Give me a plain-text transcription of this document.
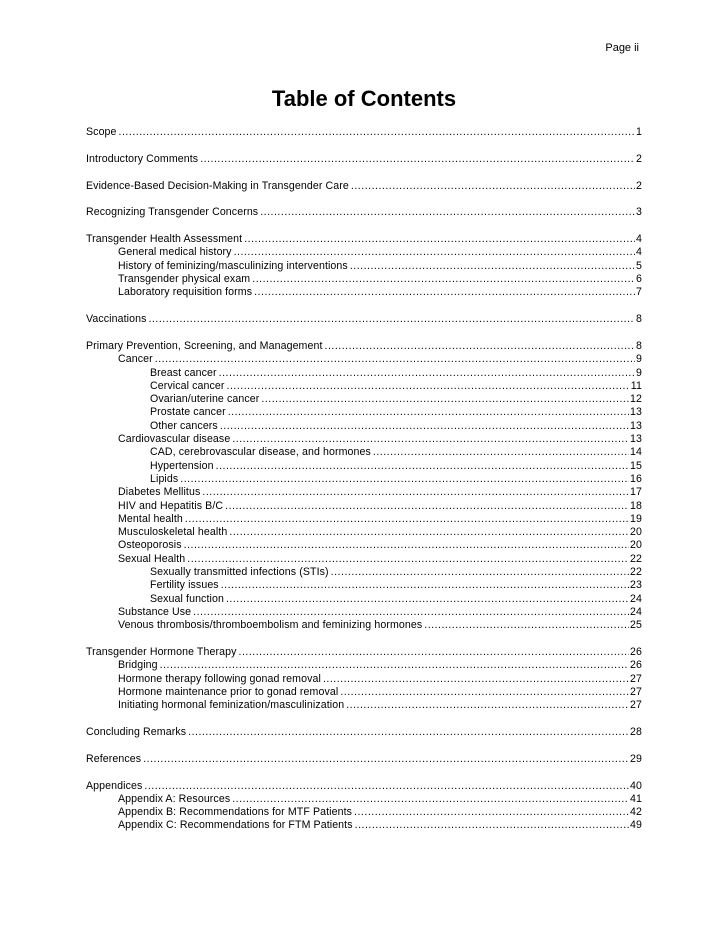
Page ii
Table of Contents
Scope .....	1
Introductory Comments .....	2
Evidence-Based Decision-Making in Transgender Care .....	2
Recognizing Transgender Concerns .....	3
Transgender Health Assessment .....	4
General medical history .....	4
History of feminizing/masculinizing interventions .....	5
Transgender physical exam .....	6
Laboratory requisition forms .....	7
Vaccinations .....	8
Primary Prevention, Screening, and Management .....	8
Cancer .....	9
Breast cancer .....	9
Cervical cancer .....	11
Ovarian/uterine cancer .....	12
Prostate cancer .....	13
Other cancers .....	13
Cardiovascular disease .....	13
CAD, cerebrovascular disease, and hormones .....	14
Hypertension .....	15
Lipids .....	16
Diabetes Mellitus .....	17
HIV and Hepatitis B/C .....	18
Mental health .....	19
Musculoskeletal health .....	20
Osteoporosis .....	20
Sexual Health .....	22
Sexually transmitted infections (STIs) .....	22
Fertility issues .....	23
Sexual function .....	24
Substance Use .....	24
Venous thrombosis/thromboembolism and feminizing hormones .....	25
Transgender Hormone Therapy .....	26
Bridging .....	26
Hormone therapy following gonad removal .....	27
Hormone maintenance prior to gonad removal .....	27
Initiating hormonal feminization/masculinization .....	27
Concluding Remarks .....	28
References .....	29
Appendices .....	40
Appendix A: Resources .....	41
Appendix B: Recommendations for MTF Patients .....	42
Appendix C: Recommendations for FTM Patients .....	49
